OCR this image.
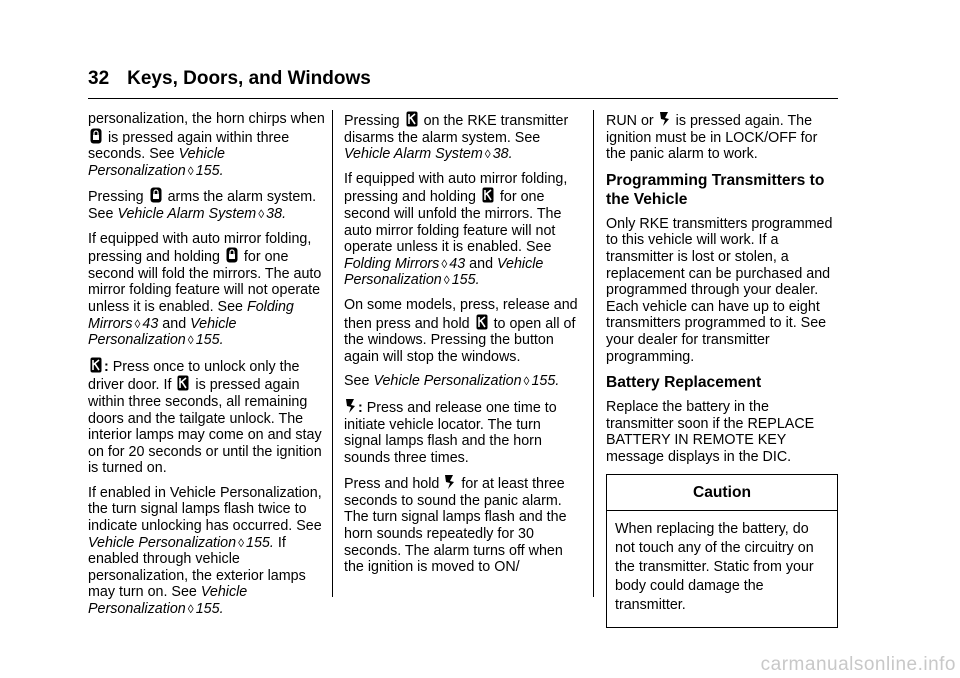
32 Keys, Doors, and Windows

personalization, the horn chirps when
is pressed again within three seconds. See Vehicle Personalization ◊ 155.

Pressing arms the alarm system. See Vehicle Alarm System ◊ 38.

If equipped with auto mirror folding, pressing and holding for one second will fold the mirrors. The auto mirror folding feature will not operate unless it is enabled. See Folding Mirrors ◊ 43 and Vehicle Personalization ◊ 155.

: Press once to unlock only the driver door. If is pressed again within three seconds, all remaining doors and the tailgate unlock. The interior lamps may come on and stay on for 20 seconds or until the ignition is turned on.

If enabled in Vehicle Personalization, the turn signal lamps flash twice to indicate unlocking has occurred. See Vehicle Personalization ◊ 155. If enabled through vehicle personalization, the exterior lamps may turn on. See Vehicle Personalization ◊ 155.

Pressing on the RKE transmitter disarms the alarm system. See Vehicle Alarm System ◊ 38.

If equipped with auto mirror folding, pressing and holding for one second will unfold the mirrors. The auto mirror folding feature will not operate unless it is enabled. See Folding Mirrors ◊ 43 and Vehicle Personalization ◊ 155.

On some models, press, release and then press and hold to open all of the windows. Pressing the button again will stop the windows.

See Vehicle Personalization ◊ 155.

: Press and release one time to initiate vehicle locator. The turn signal lamps flash and the horn sounds three times.

Press and hold for at least three seconds to sound the panic alarm. The turn signal lamps flash and the horn sounds repeatedly for 30 seconds. The alarm turns off when the ignition is moved to ON/

RUN or is pressed again. The ignition must be in LOCK/OFF for the panic alarm to work.

Programming Transmitters to the Vehicle

Only RKE transmitters programmed to this vehicle will work. If a transmitter is lost or stolen, a replacement can be purchased and programmed through your dealer. Each vehicle can have up to eight transmitters programmed to it. See your dealer for transmitter programming.

Battery Replacement

Replace the battery in the transmitter soon if the REPLACE BATTERY IN REMOTE KEY message displays in the DIC.

Caution
When replacing the battery, do not touch any of the circuitry on the transmitter. Static from your body could damage the transmitter.
carmanualsonline.info
